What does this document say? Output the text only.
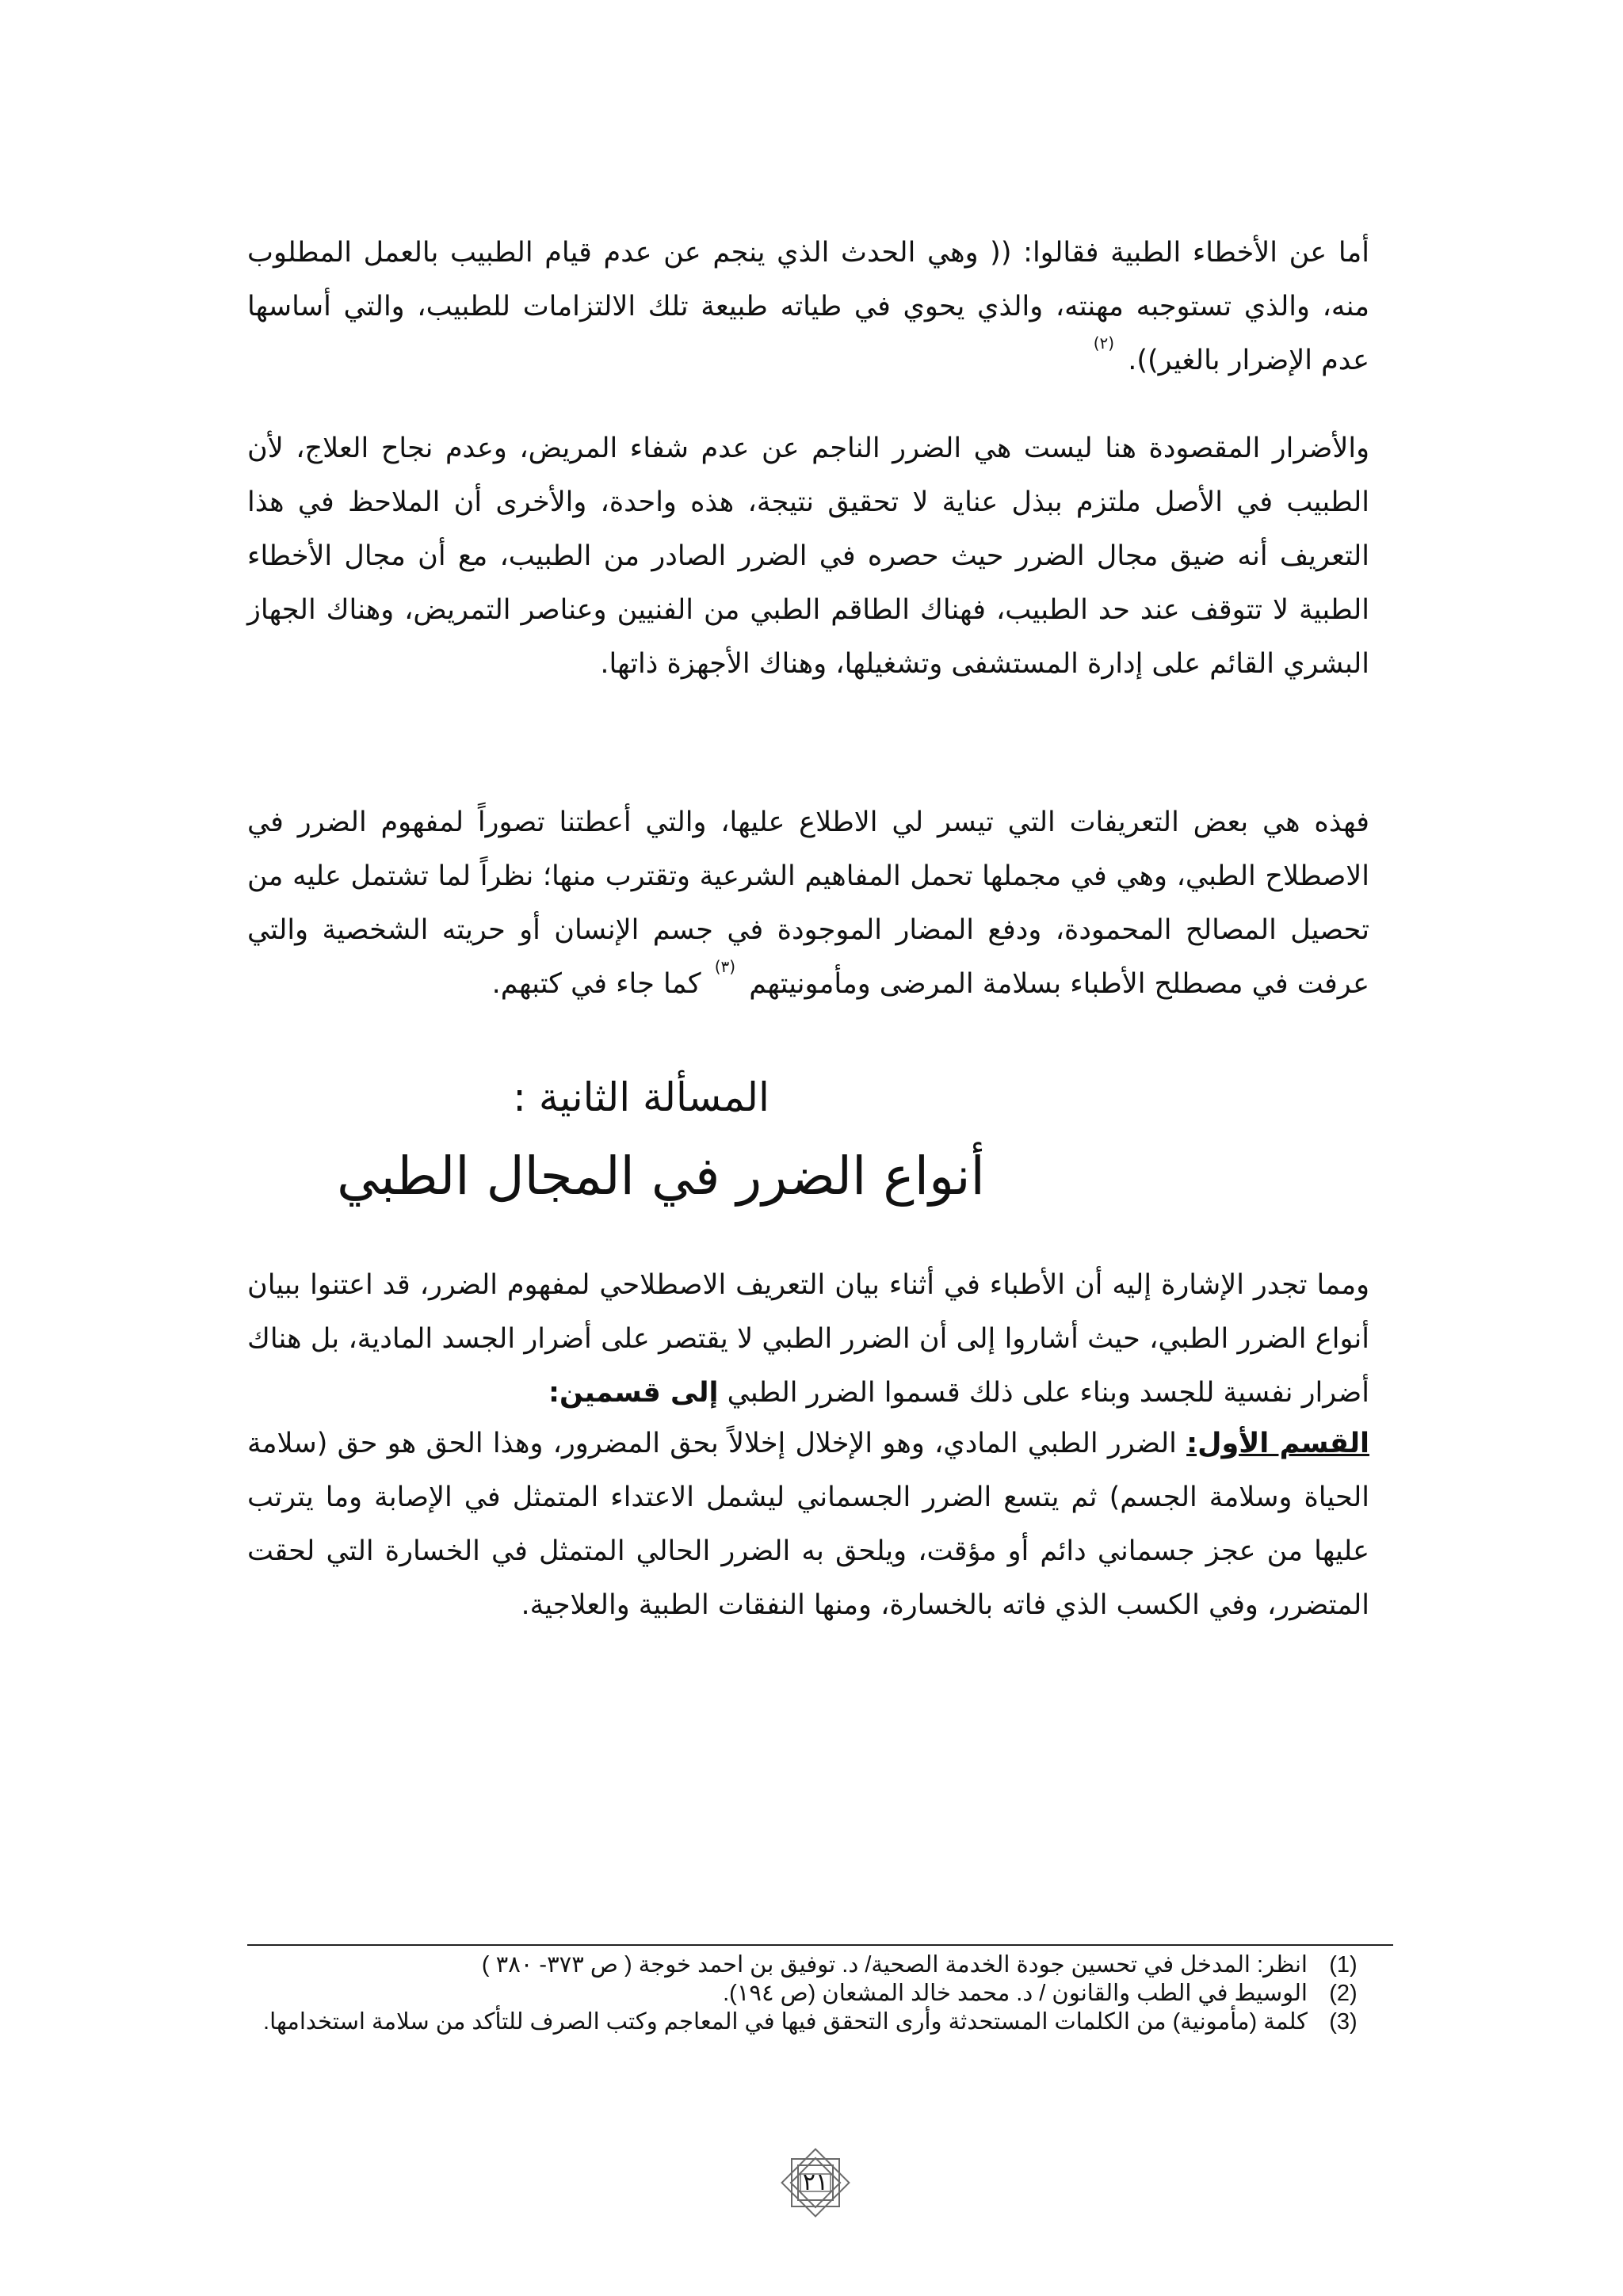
أما عن الأخطاء الطبية فقالوا: (( وهي الحدث الذي ينجم عن عدم قيام الطبيب بالعمل المطلوب منه، والذي تستوجبه مهنته، والذي يحوي في طياته طبيعة تلك الالتزامات للطبيب، والتي أساسها عدم الإضرار بالغير)). $^{(٢)}$

والأضرار المقصودة هنا ليست هي الضرر الناجم عن عدم شفاء المريض، وعدم نجاح العلاج، لأن الطبيب في الأصل ملتزم ببذل عناية لا تحقيق نتيجة، هذه واحدة، والأخرى أن الملاحظ في هذا التعريف أنه ضيق مجال الضرر حيث حصره في الضرر الصادر من الطبيب، مع أن مجال الأخطاء الطبية لا تتوقف عند حد الطبيب، فهناك الطاقم الطبي من الفنيين وعناصر التمريض، وهناك الجهاز البشري القائم على إدارة المستشفى وتشغيلها، وهناك الأجهزة ذاتها.

فهذه هي بعض التعريفات التي تيسر لي الاطلاع عليها، والتي أعطتنا تصوراً لمفهوم الضرر في الاصطلاح الطبي، وهي في مجملها تحمل المفاهيم الشرعية وتقترب منها؛ نظراً لما تشتمل عليه من تحصيل المصالح المحمودة، ودفع المضار الموجودة في جسم الإنسان أو حريته الشخصية والتي عرفت في مصطلح الأطباء بسلامة المرضى ومأمونيتهم $^{(٣)}$ كما جاء في كتبهم.

المسألة الثانية :
أنواع الضرر في المجال الطبي

ومما تجدر الإشارة إليه أن الأطباء في أثناء بيان التعريف الاصطلاحي لمفهوم الضرر، قد اعتنوا ببيان أنواع الضرر الطبي، حيث أشاروا إلى أن الضرر الطبي لا يقتصر على أضرار الجسد المادية، بل هناك أضرار نفسية للجسد وبناء على ذلك قسموا الضرر الطبي إلى قسمين:

القسم الأول: الضرر الطبي المادي، وهو الإخلال إخلالاً بحق المضرور، وهذا الحق هو حق (سلامة الحياة وسلامة الجسم) ثم يتسع الضرر الجسماني ليشمل الاعتداء المتمثل في الإصابة وما يترتب عليها من عجز جسماني دائم أو مؤقت، ويلحق به الضرر الحالي المتمثل في الخسارة التي لحقت المتضرر، وفي الكسب الذي فاته بالخسارة، ومنها النفقات الطبية والعلاجية.

(1)
انظر: المدخل في تحسين جودة الخدمة الصحية/ د. توفيق بن احمد خوجة ( ص ٣٧٣- ٣٨٠ )
(2)
الوسيط في الطب والقانون / د. محمد خالد المشعان (ص ١٩٤).
(3)
كلمة (مأمونية) من الكلمات المستحدثة وأرى التحقق فيها في المعاجم وكتب الصرف للتأكد من سلامة استخدامها.
٢١
